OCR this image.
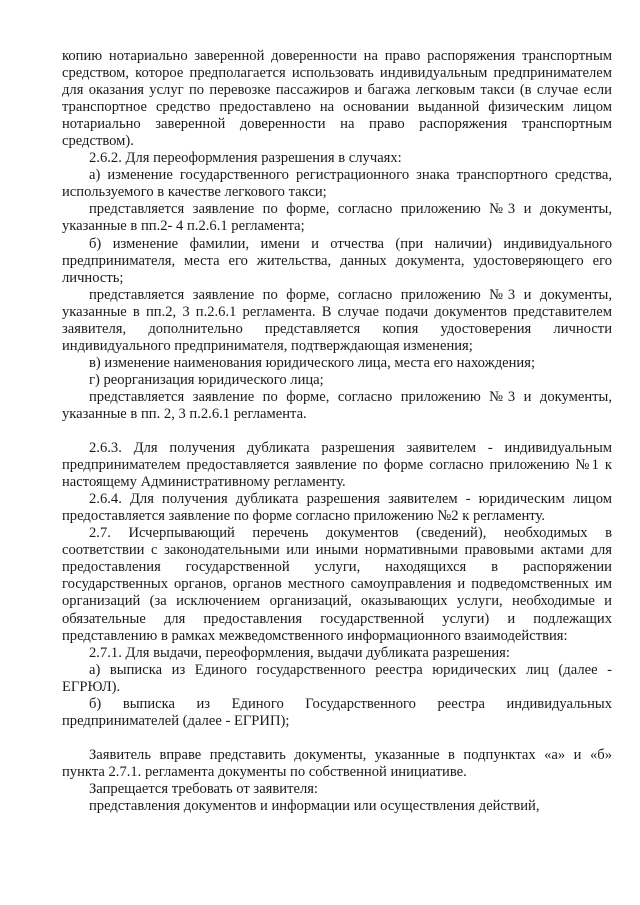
копию нотариально заверенной доверенности на право распоряжения транспортным средством, которое предполагается использовать индивидуальным предпринимателем для оказания услуг по перевозке пассажиров и багажа легковым такси (в случае если транспортное средство предоставлено на основании выданной физическим лицом нотариально заверенной доверенности на право распоряжения транспортным средством).

2.6.2. Для переоформления разрешения в случаях:

а) изменение государственного регистрационного знака транспортного средства, используемого в качестве легкового такси;

представляется заявление по форме, согласно приложению №3 и документы, указанные в пп.2- 4 п.2.6.1 регламента;

б) изменение фамилии, имени и отчества (при наличии) индивидуального предпринимателя, места его жительства, данных документа, удостоверяющего его личность;

представляется заявление по форме, согласно приложению №3 и документы, указанные в пп.2, 3 п.2.6.1 регламента. В случае подачи документов представителем заявителя, дополнительно представляется копия удостоверения личности индивидуального предпринимателя, подтверждающая изменения;

в) изменение наименования юридического лица, места его нахождения;

г) реорганизация юридического лица;

представляется заявление по форме, согласно приложению №3 и документы, указанные в пп. 2, 3 п.2.6.1 регламента.

2.6.3. Для получения дубликата разрешения заявителем - индивидуальным предпринимателем предоставляется заявление по форме согласно приложению №1 к настоящему Административному регламенту.

2.6.4. Для получения дубликата разрешения заявителем - юридическим лицом предоставляется заявление по форме согласно приложению №2 к регламенту.

2.7. Исчерпывающий перечень документов (сведений), необходимых в соответствии с законодательными или иными нормативными правовыми актами для предоставления государственной услуги, находящихся в распоряжении государственных органов, органов местного самоуправления и подведомственных им организаций (за исключением организаций, оказывающих услуги, необходимые и обязательные для предоставления государственной услуги) и подлежащих представлению в рамках межведомственного информационного взаимодействия:

2.7.1. Для выдачи, переоформления, выдачи дубликата разрешения:

а) выписка из Единого государственного реестра юридических лиц (далее - ЕГРЮЛ).

б) выписка из Единого Государственного реестра индивидуальных предпринимателей (далее - ЕГРИП);

Заявитель вправе представить документы, указанные в подпунктах «а» и «б» пункта 2.7.1. регламента документы по собственной инициативе.

Запрещается требовать от заявителя:

представления документов и информации или осуществления действий,
